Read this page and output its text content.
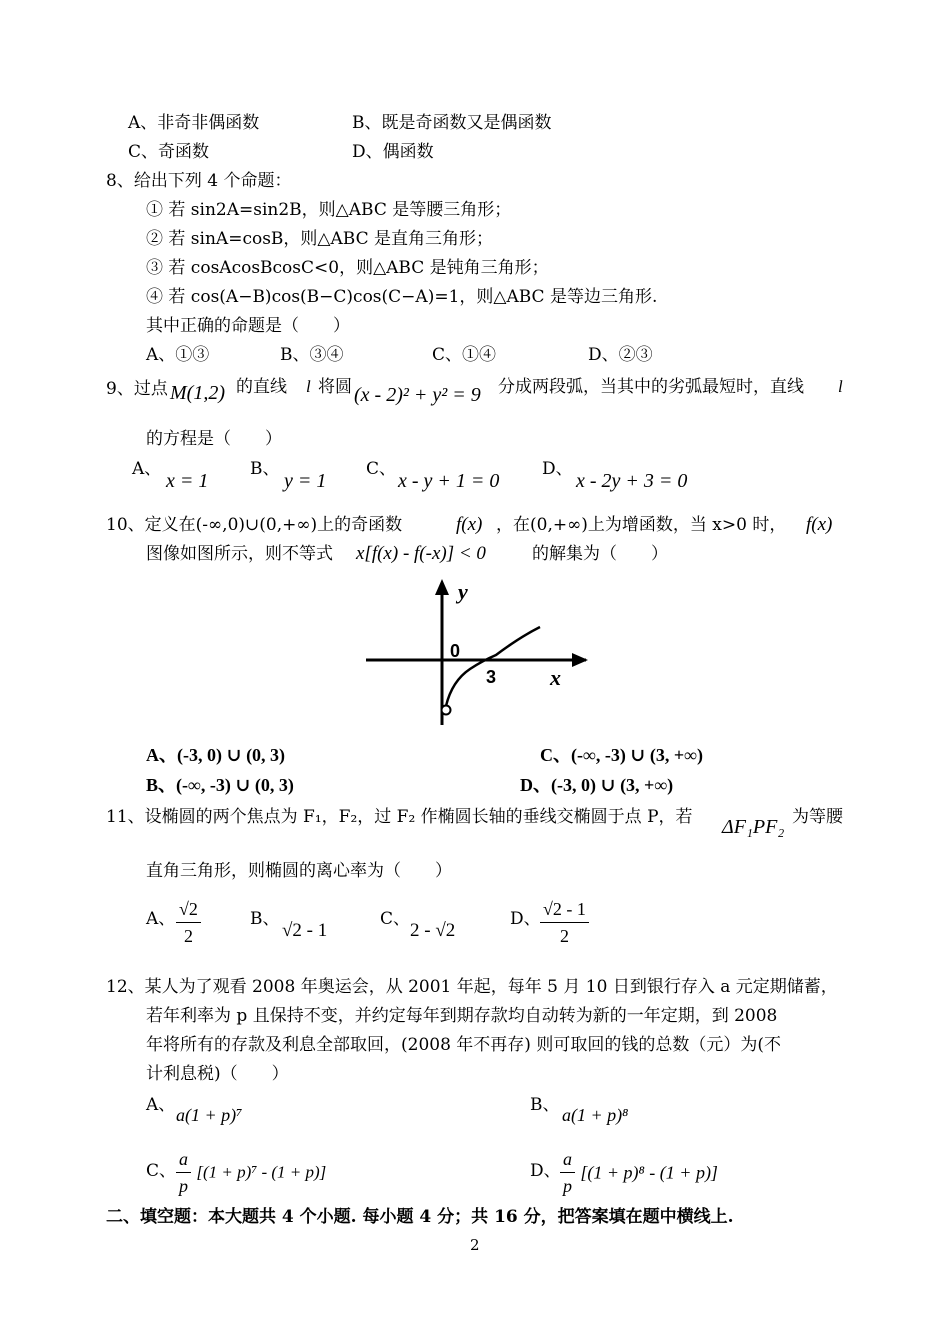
A、非奇非偶函数	B、既是奇函数又是偶函数
C、奇函数	D、偶函数
8、给出下列 4 个命题：
① 若 sin2A=sin2B，则△ABC 是等腰三角形；
② 若 sinA=cosB，则△ABC 是直角三角形；
③ 若 cosAcosBcosC<0，则△ABC 是钝角三角形；
④ 若 cos(A−B)cos(B−C)cos(C−A)=1，则△ABC 是等边三角形.
其中正确的命题是（　　）
A、①③	B、③④	C、①④	D、②③
9、过点 M(1,2) 的直线 l 将圆 (x - 2)² + y² = 9 分成两段弧，当其中的劣弧最短时，直线 l
的方程是（　　）
A、
x = 1
B、
y = 1
C、
x - y + 1 = 0
D、
x - 2y + 3 = 0
10、定义在(-∞,0)∪(0,+∞)上的奇函数	f(x) ，在(0,+∞)上为增函数，当 x>0 时， f(x)
图像如图所示，则不等式 x[f(x) - f(-x)] < 0	的解集为（　　）
y
0
3 x
A、(-3, 0) ∪ (0, 3)	C、(-∞, -3) ∪ (3, +∞)
B、(-∞, -3) ∪ (0, 3)	D、(-3, 0) ∪ (3, +∞)
11、设椭圆的两个焦点为 F₁，F₂，过 F₂ 作椭圆长轴的垂线交椭圆于点 P，若 ΔF₁PF₂ 为等腰
直角三角形，则椭圆的离心率为（　　）
A、 $\frac{√2}{2}$	B、
√2 - 1
C、
2 - √2
D、 $\frac{√2 - 1}{2}$
12、某人为了观看 2008 年奥运会，从 2001 年起，每年 5 月 10 日到银行存入 a 元定期储蓄，
若年利率为 p 且保持不变，并约定每年到期存款均自动转为新的一年定期，到 2008
年将所有的存款及利息全部取回，(2008 年不再存) 则可取回的钱的总数（元）为(不
计利息税)（　　）
A、 a(1 + p)⁷	B、 a(1 + p)⁸
C、 $\frac{a}{p} [(1 + p)^7 - (1 + p)]$	D、 $\frac{a}{p} [(1 + p)^8 - (1 + p)]$
二、填空题：本大题共 4 个小题. 每小题 4 分；共 16 分，把答案填在题中横线上.
2
